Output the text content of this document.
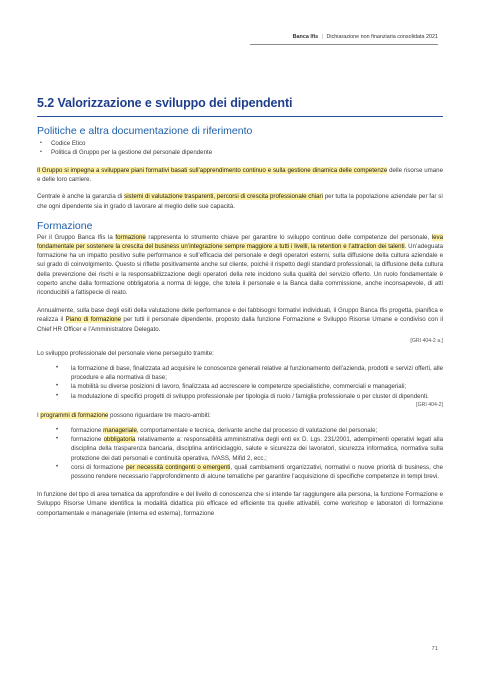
Banca Ifis | Dichiarazione non finanziaria consolidata 2021
5.2 Valorizzazione e sviluppo dei dipendenti
Politiche e altra documentazione di riferimento
• Codice Etico
• Politica di Gruppo per la gestione del personale dipendente

Il Gruppo si impegna a sviluppare piani formativi basati sull’apprendimento continuo e sulla gestione dinamica delle competenze delle risorse umane e delle loro carriere.

Centrale è anche la garanzia di sistemi di valutazione trasparenti, percorsi di crescita professionale chiari per tutta la popolazione aziendale per far sì che ogni dipendente sia in grado di lavorare al meglio delle sue capacità.

Formazione

Per il Gruppo Banca Ifis la formazione rappresenta lo strumento chiave per garantire lo sviluppo continuo delle competenze del personale, leva fondamentale per sostenere la crescita del business un’integrazione sempre maggiore a tutti i livelli, la retention e l’attraction dei talenti. Un’adeguata formazione ha un impatto positivo sulle performance e sull’efficacia del personale e degli operatori esterni, sulla diffusione della cultura aziendale e sul grado di coinvolgimento. Questo si riflette positivamente anche sul cliente, poiché il rispetto degli standard professionali, la diffusione della cultura della prevenzione dei rischi e la responsabilizzazione degli operatori della rete incidono sulla qualità del servizio offerto. Un ruolo fondamentale è coperto anche dalla formazione obbligatoria a norma di legge, che tutela il personale e la Banca dalla commissione, anche inconsapevole, di atti riconducibili a fattispecie di reato.

Annualmente, sulla base degli esiti della valutazione delle performance e dei fabbisogni formativi individuati, il Gruppo Banca Ifis progetta, pianifica e realizza il Piano di formazione per tutti il personale dipendente, proposto dalla funzione Formazione e Sviluppo Risorse Umane e condiviso con il Chief HR Officer e l’Amministratore Delegato.

[GRI 404-2 a.]

Lo sviluppo professionale del personale viene perseguito tramite:

• la formazione di base, finalizzata ad acquisire le conoscenze generali relative al funzionamento dell’azienda, prodotti e servizi offerti, alle procedure e alla normativa di base;
• la mobilità su diverse posizioni di lavoro, finalizzata ad accrescere le competenze specialistiche, commerciali e manageriali;
• la modulazione di specifici progetti di sviluppo professionale per tipologia di ruolo / famiglia professionale o per cluster di dipendenti.

[GRI 404-2]

I programmi di formazione possono riguardare tre macro-ambiti:

• formazione manageriale, comportamentale e tecnica, derivante anche dal processo di valutazione del personale;
• formazione obbligatoria relativamente a: responsabilità amministrativa degli enti ex D. Lgs. 231/2001, adempimenti operativi legati alla disciplina della trasparenza bancaria, disciplina antiriciclaggio, salute e sicurezza dei lavoratori, sicurezza informatica, normativa sulla protezione dei dati personali e continuità operativa, IVASS, Mifid 2, ecc.;
• corsi di formazione per necessità contingenti o emergenti, quali cambiamenti organizzativi, normativi o nuove priorità di business, che possono rendere necessario l’approfondimento di alcune tematiche per garantire l’acquisizione di specifiche competenze in tempi brevi.

In funzione del tipo di area tematica da approfondire e del livello di conoscenza che si intende far raggiungere alla persona, la funzione Formazione e Sviluppo Risorse Umane identifica la modalità didattica più efficace ed efficiente tra quelle attivabili, come workshop e laboratori di formazione comportamentale e manageriale (interna ed esterna), formazione

71
